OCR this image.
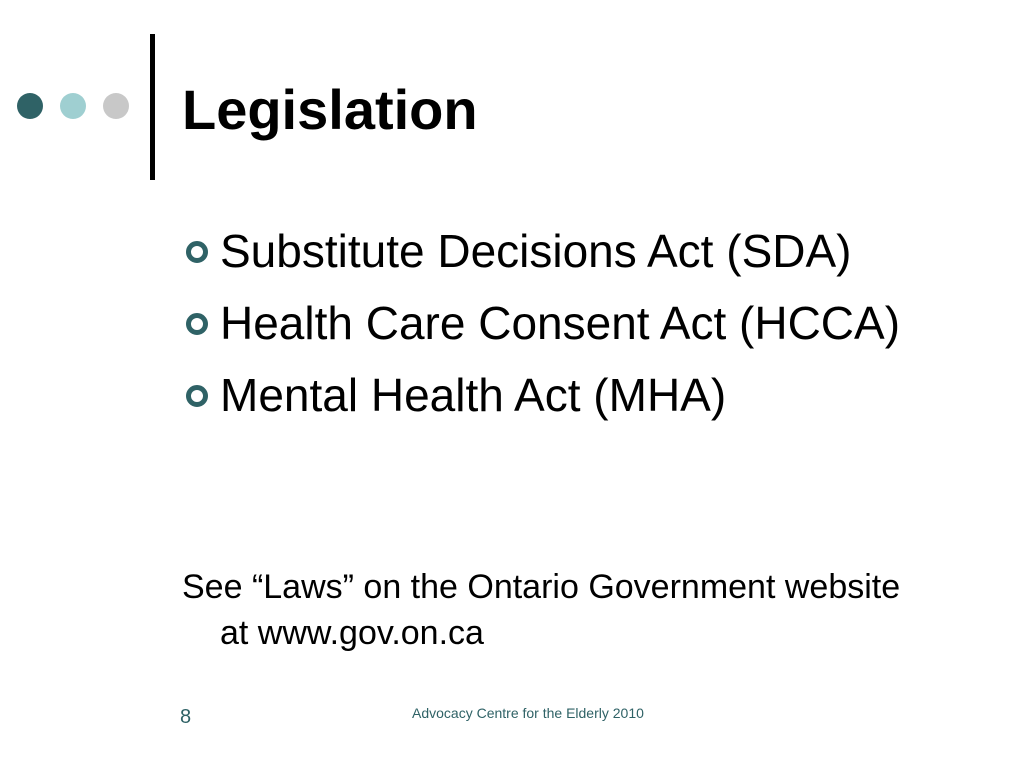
Legislation
Substitute Decisions Act (SDA)
Health Care Consent Act (HCCA)
Mental Health Act (MHA)

See “Laws” on the Ontario Government website at www.gov.on.ca

8	Advocacy Centre for the Elderly 2010
